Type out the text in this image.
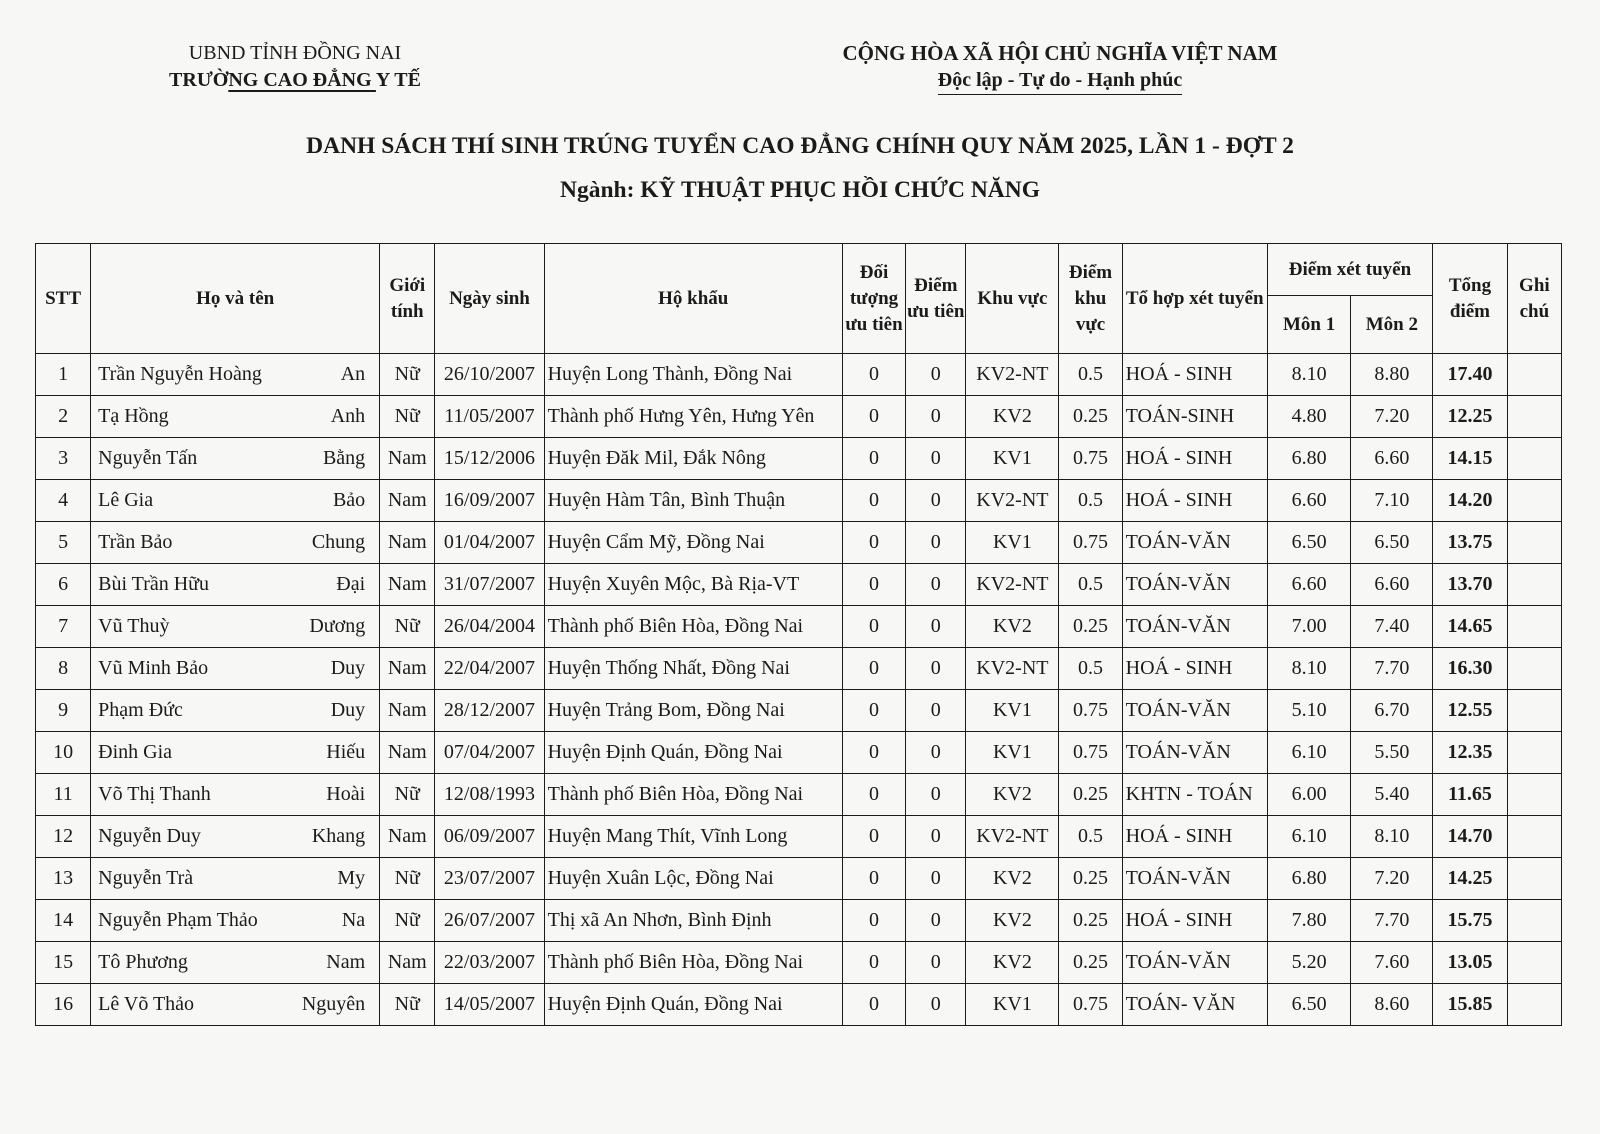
UBND TỈNH ĐỒNG NAI
TRƯỜNG CAO ĐẲNG Y TẾ
CỘNG HÒA XÃ HỘI CHỦ NGHĨA VIỆT NAM
Độc lập - Tự do - Hạnh phúc
DANH SÁCH THÍ SINH TRÚNG TUYỂN CAO ĐẲNG CHÍNH QUY NĂM 2025, LẦN 1 - ĐỢT 2
Ngành: KỸ THUẬT PHỤC HỒI CHỨC NĂNG
STT	Họ và tên	Giới tính	Ngày sinh	Hộ khẩu	Đối tượng ưu tiên	Điểm ưu tiên	Khu vực	Điểm khu vực	Tổ hợp xét tuyển	Điểm xét tuyển		Tổng điểm	Ghi chú
										Môn 1	Môn 2		
1	Trần Nguyễn Hoàng An	Nữ	26/10/2007	Huyện Long Thành, Đồng Nai	0	0	KV2-NT	0.5	HOÁ - SINH	8.10	8.80	17.40	
2	Tạ Hồng Anh	Nữ	11/05/2007	Thành phố Hưng Yên, Hưng Yên	0	0	KV2	0.25	TOÁN-SINH	4.80	7.20	12.25	
3	Nguyễn Tấn Bằng	Nam	15/12/2006	Huyện Đăk Mil, Đắk Nông	0	0	KV1	0.75	HOÁ - SINH	6.80	6.60	14.15	
4	Lê Gia Bảo	Nam	16/09/2007	Huyện Hàm Tân, Bình Thuận	0	0	KV2-NT	0.5	HOÁ - SINH	6.60	7.10	14.20	
5	Trần Bảo Chung	Nam	01/04/2007	Huyện Cẩm Mỹ, Đồng Nai	0	0	KV1	0.75	TOÁN-VĂN	6.50	6.50	13.75	
6	Bùi Trần Hữu Đại	Nam	31/07/2007	Huyện Xuyên Mộc, Bà Rịa-VT	0	0	KV2-NT	0.5	TOÁN-VĂN	6.60	6.60	13.70	
7	Vũ Thuỳ Dương	Nữ	26/04/2004	Thành phố Biên Hòa, Đồng Nai	0	0	KV2	0.25	TOÁN-VĂN	7.00	7.40	14.65	
8	Vũ Minh Bảo Duy	Nam	22/04/2007	Huyện Thống Nhất, Đồng Nai	0	0	KV2-NT	0.5	HOÁ - SINH	8.10	7.70	16.30	
9	Phạm Đức Duy	Nam	28/12/2007	Huyện Trảng Bom, Đồng Nai	0	0	KV1	0.75	TOÁN-VĂN	5.10	6.70	12.55	
10	Đinh Gia Hiếu	Nam	07/04/2007	Huyện Định Quán, Đồng Nai	0	0	KV1	0.75	TOÁN-VĂN	6.10	5.50	12.35	
11	Võ Thị Thanh Hoài	Nữ	12/08/1993	Thành phố Biên Hòa, Đồng Nai	0	0	KV2	0.25	KHTN - TOÁN	6.00	5.40	11.65	
12	Nguyễn Duy Khang	Nam	06/09/2007	Huyện Mang Thít, Vĩnh Long	0	0	KV2-NT	0.5	HOÁ - SINH	6.10	8.10	14.70	
13	Nguyễn Trà My	Nữ	23/07/2007	Huyện Xuân Lộc, Đồng Nai	0	0	KV2	0.25	TOÁN-VĂN	6.80	7.20	14.25	
14	Nguyễn Phạm Thảo Na	Nữ	26/07/2007	Thị xã An Nhơn, Bình Định	0	0	KV2	0.25	HOÁ - SINH	7.80	7.70	15.75	
15	Tô Phương Nam	Nam	22/03/2007	Thành phố Biên Hòa, Đồng Nai	0	0	KV2	0.25	TOÁN-VĂN	5.20	7.60	13.05	
16	Lê Võ Thảo Nguyên	Nữ	14/05/2007	Huyện Định Quán, Đồng Nai	0	0	KV1	0.75	TOÁN- VĂN	6.50	8.60	15.85	
